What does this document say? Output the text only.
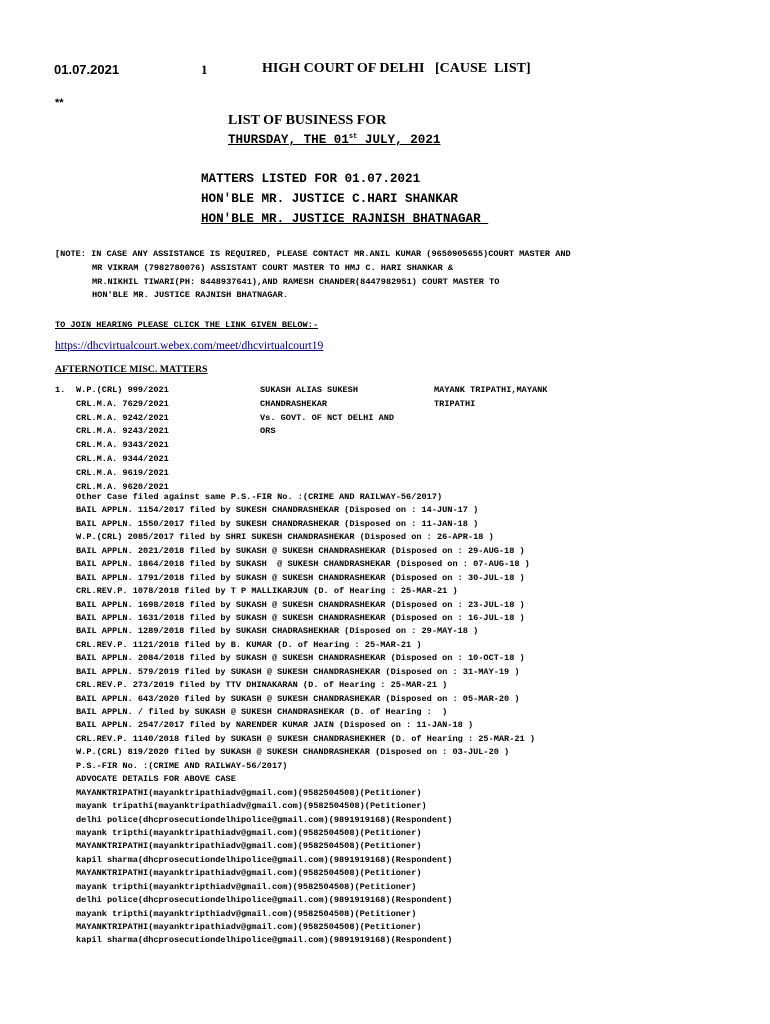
01.07.2021	1	HIGH COURT OF DELHI   [CAUSE  LIST]
**
LIST OF BUSINESS FOR
THURSDAY, THE 01st JULY, 2021
MATTERS LISTED FOR 01.07.2021
HON'BLE MR. JUSTICE C.HARI SHANKAR
HON'BLE MR. JUSTICE RAJNISH BHATNAGAR
[NOTE: IN CASE ANY ASSISTANCE IS REQUIRED, PLEASE CONTACT MR.ANIL KUMAR (9650905655)COURT MASTER AND
MR VIKRAM (7982780076) ASSISTANT COURT MASTER TO HMJ C. HARI SHANKAR &
MR.NIKHIL TIWARI(PH: 8448937641),AND RAMESH CHANDER(8447982951) COURT MASTER TO
HON'BLE MR. JUSTICE RAJNISH BHATNAGAR.
TO JOIN HEARING PLEASE CLICK THE LINK GIVEN BELOW:-
https://dhcvirtualcourt.webex.com/meet/dhcvirtualcourt19
AFTERNOTICE MISC. MATTERS
1. W.P.(CRL) 999/2021
CRL.M.A. 7629/2021
CRL.M.A. 9242/2021
CRL.M.A. 9243/2021
CRL.M.A. 9343/2021
CRL.M.A. 9344/2021
CRL.M.A. 9619/2021
CRL.M.A. 9620/2021
SUKASH ALIAS SUKESH
CHANDRASHEKAR
Vs. GOVT. OF NCT DELHI AND
ORS
MAYANK TRIPATHI,MAYANK
TRIPATHI
Other Case filed against same P.S.-FIR No. :(CRIME AND RAILWAY-56/2017)
BAIL APPLN. 1154/2017 filed by SUKESH CHANDRASHEKAR (Disposed on : 14-JUN-17 )
BAIL APPLN. 1550/2017 filed by SUKESH CHANDRASHEKAR (Disposed on : 11-JAN-18 )
W.P.(CRL) 2085/2017 filed by SHRI SUKESH CHANDRASHEKAR (Disposed on : 26-APR-18 )
BAIL APPLN. 2021/2018 filed by SUKASH @ SUKESH CHANDRASHEKAR (Disposed on : 29-AUG-18 )
BAIL APPLN. 1864/2018 filed by SUKASH  @ SUKESH CHANDRASHEKAR (Disposed on : 07-AUG-18 )
BAIL APPLN. 1791/2018 filed by SUKASH @ SUKESH CHANDRASHEKAR (Disposed on : 30-JUL-18 )
CRL.REV.P. 1078/2018 filed by T P MALLIKARJUN (D. of Hearing : 25-MAR-21 )
BAIL APPLN. 1698/2018 filed by SUKASH @ SUKESH CHANDRASHEKAR (Disposed on : 23-JUL-18 )
BAIL APPLN. 1631/2018 filed by SUKASH @ SUKESH CHANDRASHEKAR (Disposed on : 16-JUL-18 )
BAIL APPLN. 1289/2018 filed by SUKASH CHADRASHEKHAR (Disposed on : 29-MAY-18 )
CRL.REV.P. 1121/2018 filed by B. KUMAR (D. of Hearing : 25-MAR-21 )
BAIL APPLN. 2084/2018 filed by SUKASH @ SUKESH CHANDRASHEKAR (Disposed on : 10-OCT-18 )
BAIL APPLN. 579/2019 filed by SUKASH @ SUKESH CHANDRASHEKAR (Disposed on : 31-MAY-19 )
CRL.REV.P. 273/2019 filed by TTV DHINAKARAN (D. of Hearing : 25-MAR-21 )
BAIL APPLN. 643/2020 filed by SUKASH @ SUKESH CHANDRASHEKAR (Disposed on : 05-MAR-20 )
BAIL APPLN. / filed by SUKASH @ SUKESH CHANDRASHEKAR (D. of Hearing :  )
BAIL APPLN. 2547/2017 filed by NARENDER KUMAR JAIN (Disposed on : 11-JAN-18 )
CRL.REV.P. 1140/2018 filed by SUKASH @ SUKESH CHANDRASHEKHER (D. of Hearing : 25-MAR-21 )
W.P.(CRL) 819/2020 filed by SUKASH @ SUKESH CHANDRASHEKAR (Disposed on : 03-JUL-20 )
P.S.-FIR No. :(CRIME AND RAILWAY-56/2017)
ADVOCATE DETAILS FOR ABOVE CASE
MAYANKTRIPATHI(mayanktripathiadv@gmail.com)(9582504508)(Petitioner)
mayank tripathi(mayanktripathiadv@gmail.com)(9582504508)(Petitioner)
delhi police(dhcprosecutiondelhipolice@gmail.com)(9891919168)(Respondent)
mayank tripthi(mayanktripathiadv@gmail.com)(9582504508)(Petitioner)
MAYANKTRIPATHI(mayanktripathiadv@gmail.com)(9582504508)(Petitioner)
kapil sharma(dhcprosecutiondelhipolice@gmail.com)(9891919168)(Respondent)
MAYANKTRIPATHI(mayanktripathiadv@gmail.com)(9582504508)(Petitioner)
mayank tripthi(mayanktripthiadv@gmail.com)(9582504508)(Petitioner)
delhi police(dhcprosecutiondelhipolice@gmail.com)(9891919168)(Respondent)
mayank tripthi(mayanktripthiadv@gmail.com)(9582504508)(Petitioner)
MAYANKTRIPATHI(mayanktripathiadv@gmail.com)(9582504508)(Petitioner)
kapil sharma(dhcprosecutiondelhipolice@gmail.com)(9891919168)(Respondent)
